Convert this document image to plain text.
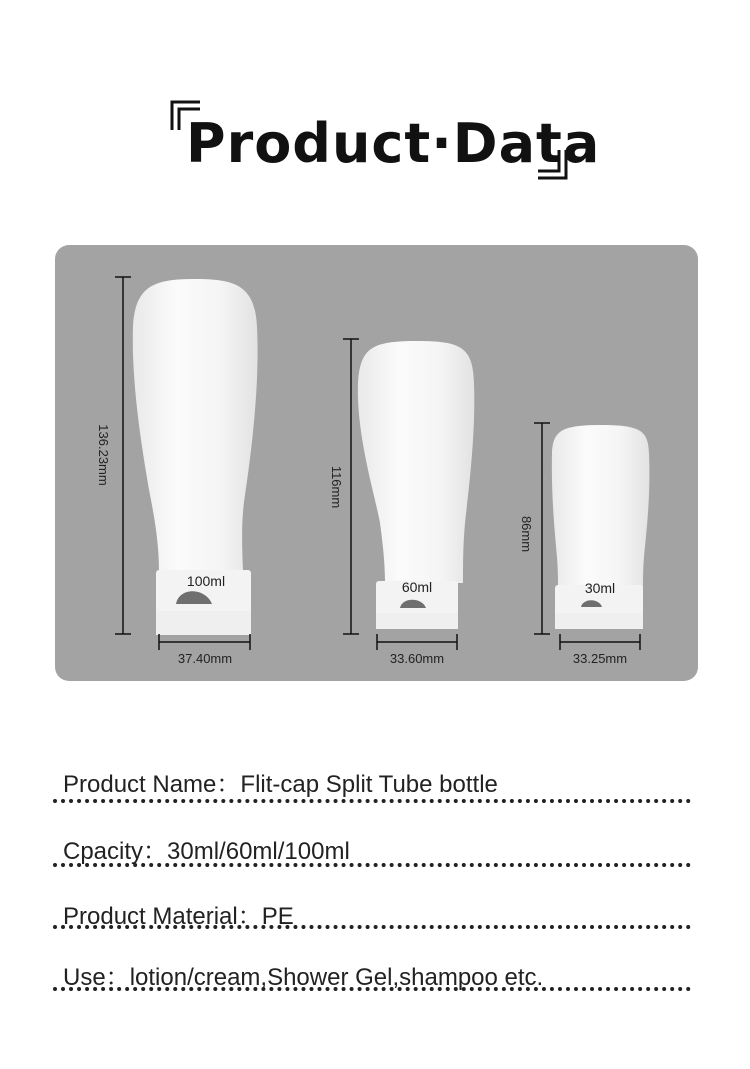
Product·Data
100ml	60ml	30ml
136.23mm
116mm
86mm
37.40mm	33.60mm	33.25mm
Product Name：Flit-cap Split Tube bottle
Cpacity：30ml/60ml/100ml
Product Material：PE
Use：lotion/cream,Shower Gel,shampoo etc.
